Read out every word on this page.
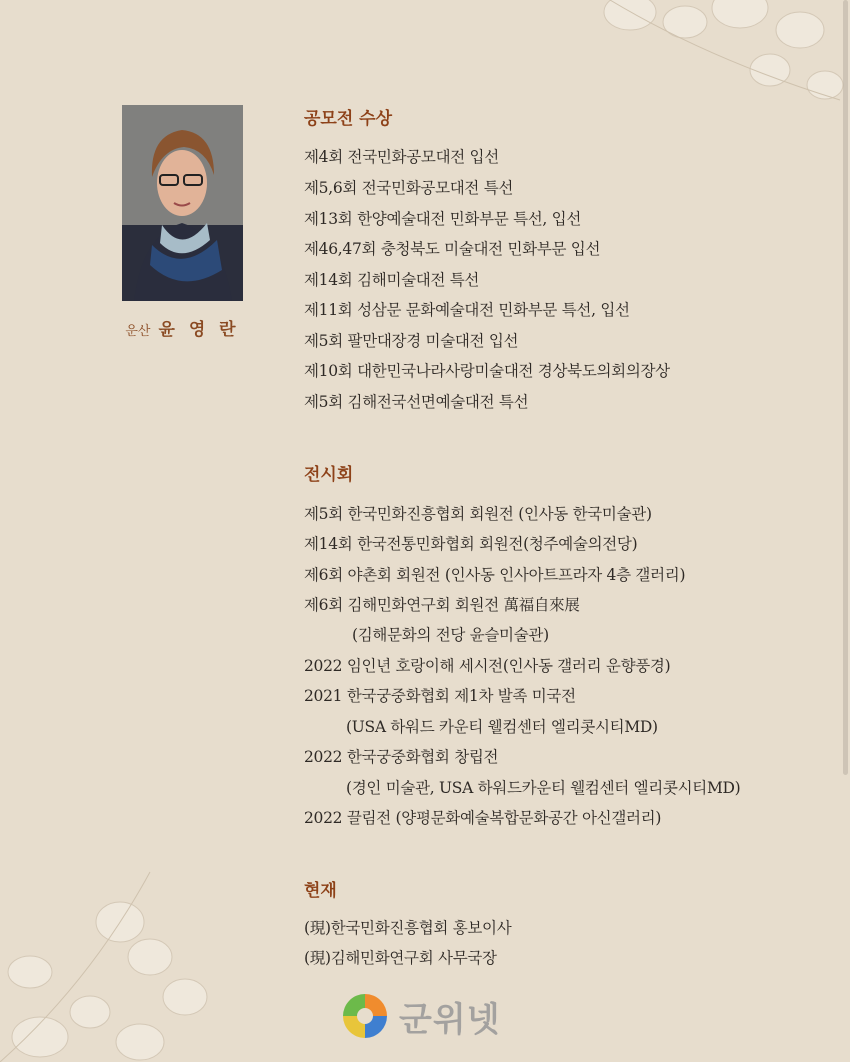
운산 윤 영 란
공모전 수상
제4회 전국민화공모대전 입선
제5,6회 전국민화공모대전 특선
제13회 한양예술대전 민화부문 특선, 입선
제46,47회 충청북도 미술대전 민화부문 입선
제14회 김해미술대전 특선
제11회 성삼문 문화예술대전 민화부문 특선, 입선
제5회 팔만대장경 미술대전 입선
제10회 대한민국나라사랑미술대전 경상북도의회의장상
제5회 김해전국선면예술대전 특선
전시회
제5회 한국민화진흥협회 회원전 (인사동 한국미술관)
제14회 한국전통민화협회 회원전(청주예술의전당)
제6회 야촌회 회원전 (인사동 인사아트프라자 4층 갤러리)
제6회 김해민화연구회 회원전 萬福自來展
(김해문화의 전당 윤슬미술관)
2022 임인년 호랑이해 세시전(인사동 갤러리 운향풍경)
2021 한국궁중화협회 제1차 발족 미국전
(USA 하워드 카운티 웰컴센터 엘리콧시티MD)
2022 한국궁중화협회 창립전
(경인 미술관, USA 하워드카운티 웰컴센터 엘리콧시티MD)
2022 끌림전 (양평문화예술복합문화공간 아신갤러리)
현재
(現)한국민화진흥협회 홍보이사
(現)김해민화연구회 사무국장
군위넷
